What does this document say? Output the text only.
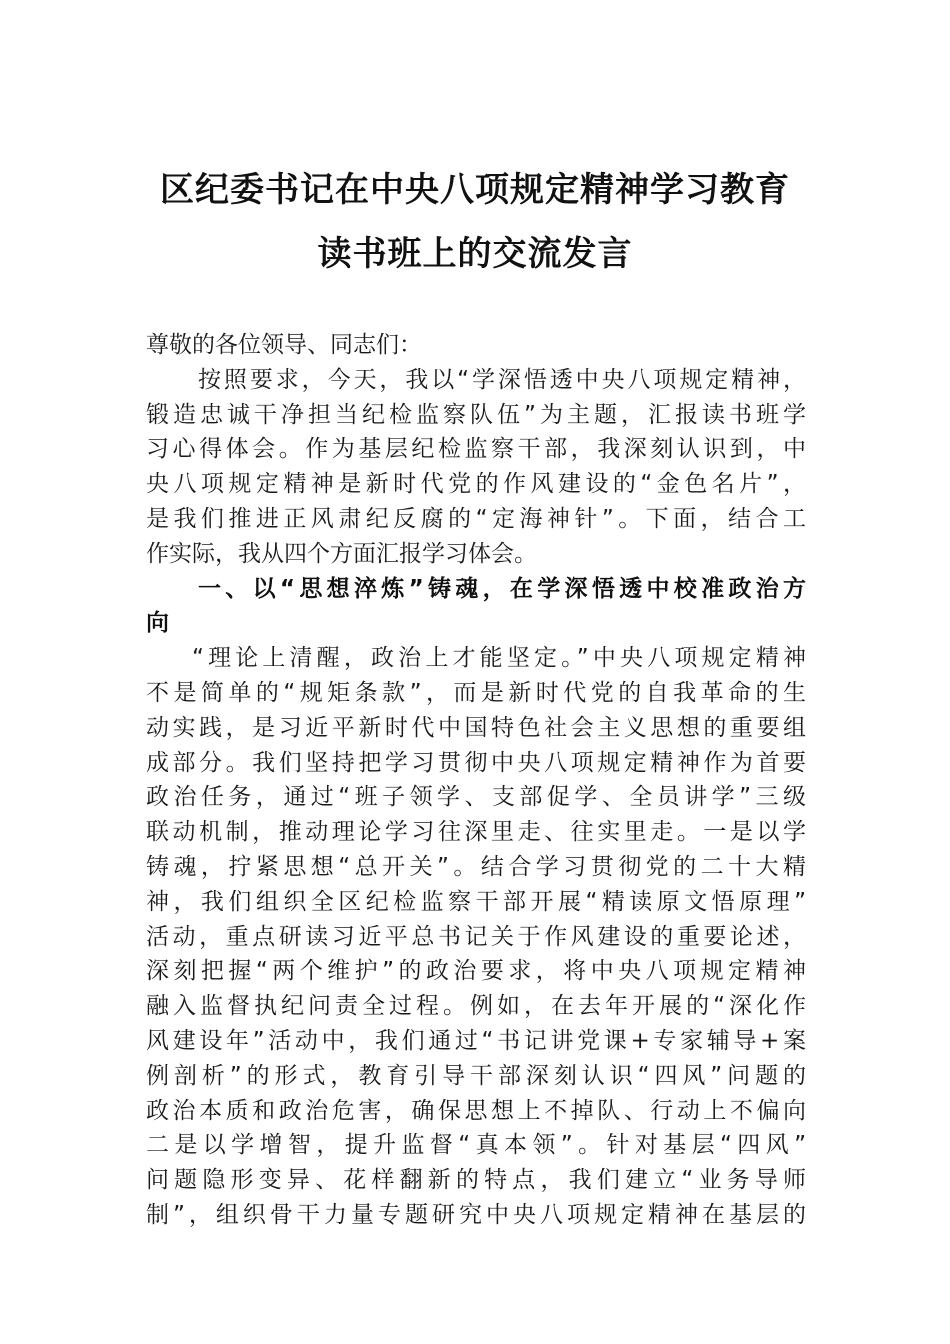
区纪委书记在中央八项规定精神学习教育
读书班上的交流发言
尊敬的各位领导、同志们：
按照要求，今天，我以“学深悟透中央八项规定精神，
锻造忠诚干净担当纪检监察队伍”为主题，汇报读书班学
习心得体会。作为基层纪检监察干部，我深刻认识到，中
央八项规定精神是新时代党的作风建设的“金色名片”，
是我们推进正风肃纪反腐的“定海神针”。下面，结合工
作实际，我从四个方面汇报学习体会。
一、以“思想淬炼”铸魂，在学深悟透中校准政治方
向
“理论上清醒，政治上才能坚定。”中央八项规定精神
不是简单的“规矩条款”，而是新时代党的自我革命的生
动实践，是习近平新时代中国特色社会主义思想的重要组
成部分。我们坚持把学习贯彻中央八项规定精神作为首要
政治任务，通过“班子领学、支部促学、全员讲学”三级
联动机制，推动理论学习往深里走、往实里走。一是以学
铸魂，拧紧思想“总开关”。结合学习贯彻党的二十大精
神，我们组织全区纪检监察干部开展“精读原文悟原理”
活动，重点研读习近平总书记关于作风建设的重要论述，
深刻把握“两个维护”的政治要求，将中央八项规定精神
融入监督执纪问责全过程。例如，在去年开展的“深化作
风建设年”活动中，我们通过“书记讲党课+专家辅导+案
例剖析”的形式，教育引导干部深刻认识“四风”问题的
政治本质和政治危害，确保思想上不掉队、行动上不偏向
二是以学增智，提升监督“真本领”。针对基层“四风”
问题隐形变异、花样翻新的特点，我们建立“业务导师
制”，组织骨干力量专题研究中央八项规定精神在基层的
